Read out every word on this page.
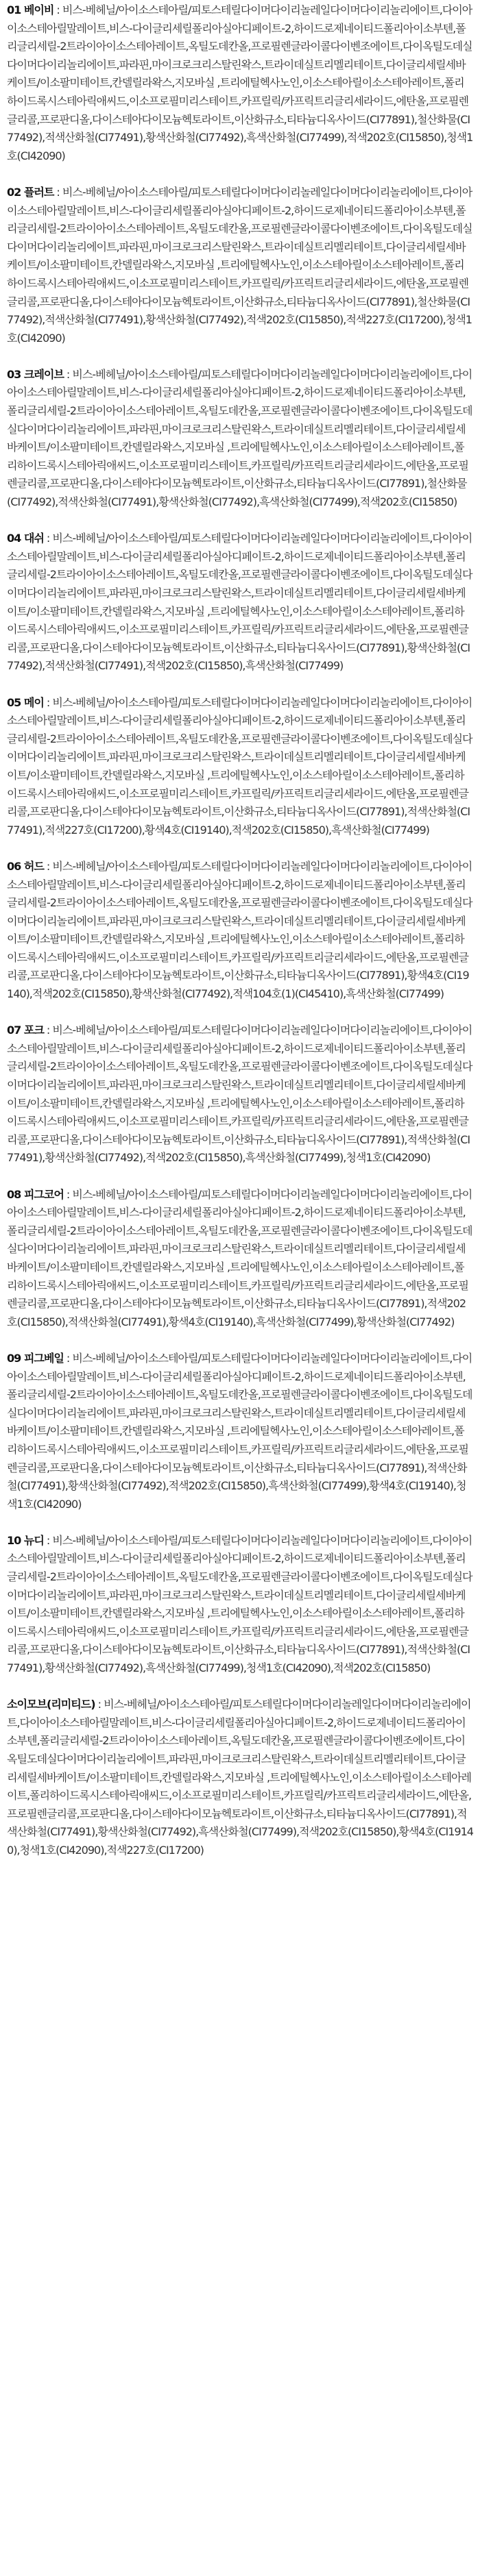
01 베이비 : 비스-베헤닐/아이소스테아릴/피토스테릴다이머다이리놀레일다이머다이리놀리에이트,다이아이소스테아릴말레이트,비스-다이글리세릴폴리아실아디페이트-2,하이드로제네이티드폴리아이소부텐,폴리글리세릴-2트라이아이소스테아레이트,옥틸도데칸올,프로필렌글라이콜다이벤조에이트,다이옥틸도데실다이머다이리놀리에이트,파라핀,마이크로크리스탈린왁스,트라이데실트리멜리테이트,다이글리세릴세바케이트/이소팔미테이트,칸델릴라왁스,지모바실 ,트리에틸헥사노인,이소스테아릴이소스테아레이트,폴리하이드록시스테아릭애씨드,이소프로필미리스테이트,카프릴릭/카프릭트리글리세라이드,에탄올,프로필렌글리콜,프로판디올,다이스테아다이모늄헥토라이트,이산화규소,티타늄디옥사이드(CI77891),철산화물(CI77492),적색산화철(CI77491),황색산화철(CI77492),흑색산화철(CI77499),적색202호(CI15850),청색1호(CI42090)

02 플러트 : 비스-베헤닐/아이소스테아릴/피토스테릴다이머다이리놀레일다이머다이리놀리에이트,다이아이소스테아릴말레이트,비스-다이글리세릴폴리아실아디페이트-2,하이드로제네이티드폴리아이소부텐,폴리글리세릴-2트라이아이소스테아레이트,옥틸도데칸올,프로필렌글라이콜다이벤조에이트,다이옥틸도데실다이머다이리놀리에이트,파라핀,마이크로크리스탈린왁스,트라이데실트리멜리테이트,다이글리세릴세바케이트/이소팔미테이트,칸델릴라왁스,지모바실 ,트리에틸헥사노인,이소스테아릴이소스테아레이트,폴리하이드록시스테아릭애씨드,이소프로필미리스테이트,카프릴릭/카프릭트리글리세라이드,에탄올,프로필렌글리콜,프로판디올,다이스테아다이모늄헥토라이트,이산화규소,티타늄디옥사이드(CI77891),철산화물(CI77492),적색산화철(CI77491),황색산화철(CI77492),적색202호(CI15850),적색227호(CI17200),청색1호(CI42090)

03 크레이브 : 비스-베헤닐/아이소스테아릴/피토스테릴다이머다이리놀레일다이머다이리놀리에이트,다이아이소스테아릴말레이트,비스-다이글리세릴폴리아실아디페이트-2,하이드로제네이티드폴리아이소부텐,폴리글리세릴-2트라이아이소스테아레이트,옥틸도데칸올,프로필렌글라이콜다이벤조에이트,다이옥틸도데실다이머다이리놀리에이트,파라핀,마이크로크리스탈린왁스,트라이데실트리멜리테이트,다이글리세릴세바케이트/이소팔미테이트,칸델릴라왁스,지모바실 ,트리에틸헥사노인,이소스테아릴이소스테아레이트,폴리하이드록시스테아릭애씨드,이소프로필미리스테이트,카프릴릭/카프릭트리글리세라이드,에탄올,프로필렌글리콜,프로판디올,다이스테아다이모늄헥토라이트,이산화규소,티타늄디옥사이드(CI77891),철산화물(CI77492),적색산화철(CI77491),황색산화철(CI77492),흑색산화철(CI77499),적색202호(CI15850)

04 대쉬 : 비스-베헤닐/아이소스테아릴/피토스테릴다이머다이리놀레일다이머다이리놀리에이트,다이아이소스테아릴말레이트,비스-다이글리세릴폴리아실아디페이트-2,하이드로제네이티드폴리아이소부텐,폴리글리세릴-2트라이아이소스테아레이트,옥틸도데칸올,프로필렌글라이콜다이벤조에이트,다이옥틸도데실다이머다이리놀리에이트,파라핀,마이크로크리스탈린왁스,트라이데실트리멜리테이트,다이글리세릴세바케이트/이소팔미테이트,칸델릴라왁스,지모바실 ,트리에틸헥사노인,이소스테아릴이소스테아레이트,폴리하이드록시스테아릭애씨드,이소프로필미리스테이트,카프릴릭/카프릭트리글리세라이드,에탄올,프로필렌글리콜,프로판디올,다이스테아다이모늄헥토라이트,이산화규소,티타늄디옥사이드(CI77891),황색산화철(CI77492),적색산화철(CI77491),적색202호(CI15850),흑색산화철(CI77499)

05 메이 : 비스-베헤닐/아이소스테아릴/피토스테릴다이머다이리놀레일다이머다이리놀리에이트,다이아이소스테아릴말레이트,비스-다이글리세릴폴리아실아디페이트-2,하이드로제네이티드폴리아이소부텐,폴리글리세릴-2트라이아이소스테아레이트,옥틸도데칸올,프로필렌글라이콜다이벤조에이트,다이옥틸도데실다이머다이리놀리에이트,파라핀,마이크로크리스탈린왁스,트라이데실트리멜리테이트,다이글리세릴세바케이트/이소팔미테이트,칸델릴라왁스,지모바실 ,트리에틸헥사노인,이소스테아릴이소스테아레이트,폴리하이드록시스테아릭애씨드,이소프로필미리스테이트,카프릴릭/카프릭트리글리세라이드,에탄올,프로필렌글리콜,프로판디올,다이스테아다이모늄헥토라이트,이산화규소,티타늄디옥사이드(CI77891),적색산화철(CI77491),적색227호(CI17200),황색4호(CI19140),적색202호(CI15850),흑색산화철(CI77499)

06 허드 : 비스-베헤닐/아이소스테아릴/피토스테릴다이머다이리놀레일다이머다이리놀리에이트,다이아이소스테아릴말레이트,비스-다이글리세릴폴리아실아디페이트-2,하이드로제네이티드폴리아이소부텐,폴리글리세릴-2트라이아이소스테아레이트,옥틸도데칸올,프로필렌글라이콜다이벤조에이트,다이옥틸도데실다이머다이리놀리에이트,파라핀,마이크로크리스탈린왁스,트라이데실트리멜리테이트,다이글리세릴세바케이트/이소팔미테이트,칸델릴라왁스,지모바실 ,트리에틸헥사노인,이소스테아릴이소스테아레이트,폴리하이드록시스테아릭애씨드,이소프로필미리스테이트,카프릴릭/카프릭트리글리세라이드,에탄올,프로필렌글리콜,프로판디올,다이스테아다이모늄헥토라이트,이산화규소,티타늄디옥사이드(CI77891),황색4호(CI19140),적색202호(CI15850),황색산화철(CI77492),적색104호(1)(CI45410),흑색산화철(CI77499)

07 포크 : 비스-베헤닐/아이소스테아릴/피토스테릴다이머다이리놀레일다이머다이리놀리에이트,다이아이소스테아릴말레이트,비스-다이글리세릴폴리아실아디페이트-2,하이드로제네이티드폴리아이소부텐,폴리글리세릴-2트라이아이소스테아레이트,옥틸도데칸올,프로필렌글라이콜다이벤조에이트,다이옥틸도데실다이머다이리놀리에이트,파라핀,마이크로크리스탈린왁스,트라이데실트리멜리테이트,다이글리세릴세바케이트/이소팔미테이트,칸델릴라왁스,지모바실 ,트리에틸헥사노인,이소스테아릴이소스테아레이트,폴리하이드록시스테아릭애씨드,이소프로필미리스테이트,카프릴릭/카프릭트리글리세라이드,에탄올,프로필렌글리콜,프로판디올,다이스테아다이모늄헥토라이트,이산화규소,티타늄디옥사이드(CI77891),적색산화철(CI77491),황색산화철(CI77492),적색202호(CI15850),흑색산화철(CI77499),청색1호(CI42090)

08 피그코어 : 비스-베헤닐/아이소스테아릴/피토스테릴다이머다이리놀레일다이머다이리놀리에이트,다이아이소스테아릴말레이트,비스-다이글리세릴폴리아실아디페이트-2,하이드로제네이티드폴리아이소부텐,폴리글리세릴-2트라이아이소스테아레이트,옥틸도데칸올,프로필렌글라이콜다이벤조에이트,다이옥틸도데실다이머다이리놀리에이트,파라핀,마이크로크리스탈린왁스,트라이데실트리멜리테이트,다이글리세릴세바케이트/이소팔미테이트,칸델릴라왁스,지모바실 ,트리에틸헥사노인,이소스테아릴이소스테아레이트,폴리하이드록시스테아릭애씨드,이소프로필미리스테이트,카프릴릭/카프릭트리글리세라이드,에탄올,프로필렌글리콜,프로판디올,다이스테아다이모늄헥토라이트,이산화규소,티타늄디옥사이드(CI77891),적색202호(CI15850),적색산화철(CI77491),황색4호(CI19140),흑색산화철(CI77499),황색산화철(CI77492)

09 피그베일 : 비스-베헤닐/아이소스테아릴/피토스테릴다이머다이리놀레일다이머다이리놀리에이트,다이아이소스테아릴말레이트,비스-다이글리세릴폴리아실아디페이트-2,하이드로제네이티드폴리아이소부텐,폴리글리세릴-2트라이아이소스테아레이트,옥틸도데칸올,프로필렌글라이콜다이벤조에이트,다이옥틸도데실다이머다이리놀리에이트,파라핀,마이크로크리스탈린왁스,트라이데실트리멜리테이트,다이글리세릴세바케이트/이소팔미테이트,칸델릴라왁스,지모바실 ,트리에틸헥사노인,이소스테아릴이소스테아레이트,폴리하이드록시스테아릭애씨드,이소프로필미리스테이트,카프릴릭/카프릭트리글리세라이드,에탄올,프로필렌글리콜,프로판디올,다이스테아다이모늄헥토라이트,이산화규소,티타늄디옥사이드(CI77891),적색산화철(CI77491),황색산화철(CI77492),적색202호(CI15850),흑색산화철(CI77499),황색4호(CI19140),청색1호(CI42090)

10 뉴디 : 비스-베헤닐/아이소스테아릴/피토스테릴다이머다이리놀레일다이머다이리놀리에이트,다이아이소스테아릴말레이트,비스-다이글리세릴폴리아실아디페이트-2,하이드로제네이티드폴리아이소부텐,폴리글리세릴-2트라이아이소스테아레이트,옥틸도데칸올,프로필렌글라이콜다이벤조에이트,다이옥틸도데실다이머다이리놀리에이트,파라핀,마이크로크리스탈린왁스,트라이데실트리멜리테이트,다이글리세릴세바케이트/이소팔미테이트,칸델릴라왁스,지모바실 ,트리에틸헥사노인,이소스테아릴이소스테아레이트,폴리하이드록시스테아릭애씨드,이소프로필미리스테이트,카프릴릭/카프릭트리글리세라이드,에탄올,프로필렌글리콜,프로판디올,다이스테아다이모늄헥토라이트,이산화규소,티타늄디옥사이드(CI77891),적색산화철(CI77491),황색산화철(CI77492),흑색산화철(CI77499),청색1호(CI42090),적색202호(CI15850)

소이모브(리미티드) : 비스-베헤닐/아이소스테아릴/피토스테릴다이머다이리놀레일다이머다이리놀리에이트,다이아이소스테아릴말레이트,비스-다이글리세릴폴리아실아디페이트-2,하이드로제네이티드폴리아이소부텐,폴리글리세릴-2트라이아이소스테아레이트,옥틸도데칸올,프로필렌글라이콜다이벤조에이트,다이옥틸도데실다이머다이리놀리에이트,파라핀,마이크로크리스탈린왁스,트라이데실트리멜리테이트,다이글리세릴세바케이트/이소팔미테이트,칸델릴라왁스,지모바실 ,트리에틸헥사노인,이소스테아릴이소스테아레이트,폴리하이드록시스테아릭애씨드,이소프로필미리스테이트,카프릴릭/카프릭트리글리세라이드,에탄올,프로필렌글리콜,프로판디올,다이스테아다이모늄헥토라이트,이산화규소,티타늄디옥사이드(CI77891),적색산화철(CI77491),황색산화철(CI77492),흑색산화철(CI77499),적색202호(CI15850),황색4호(CI19140),청색1호(CI42090),적색227호(CI17200)
